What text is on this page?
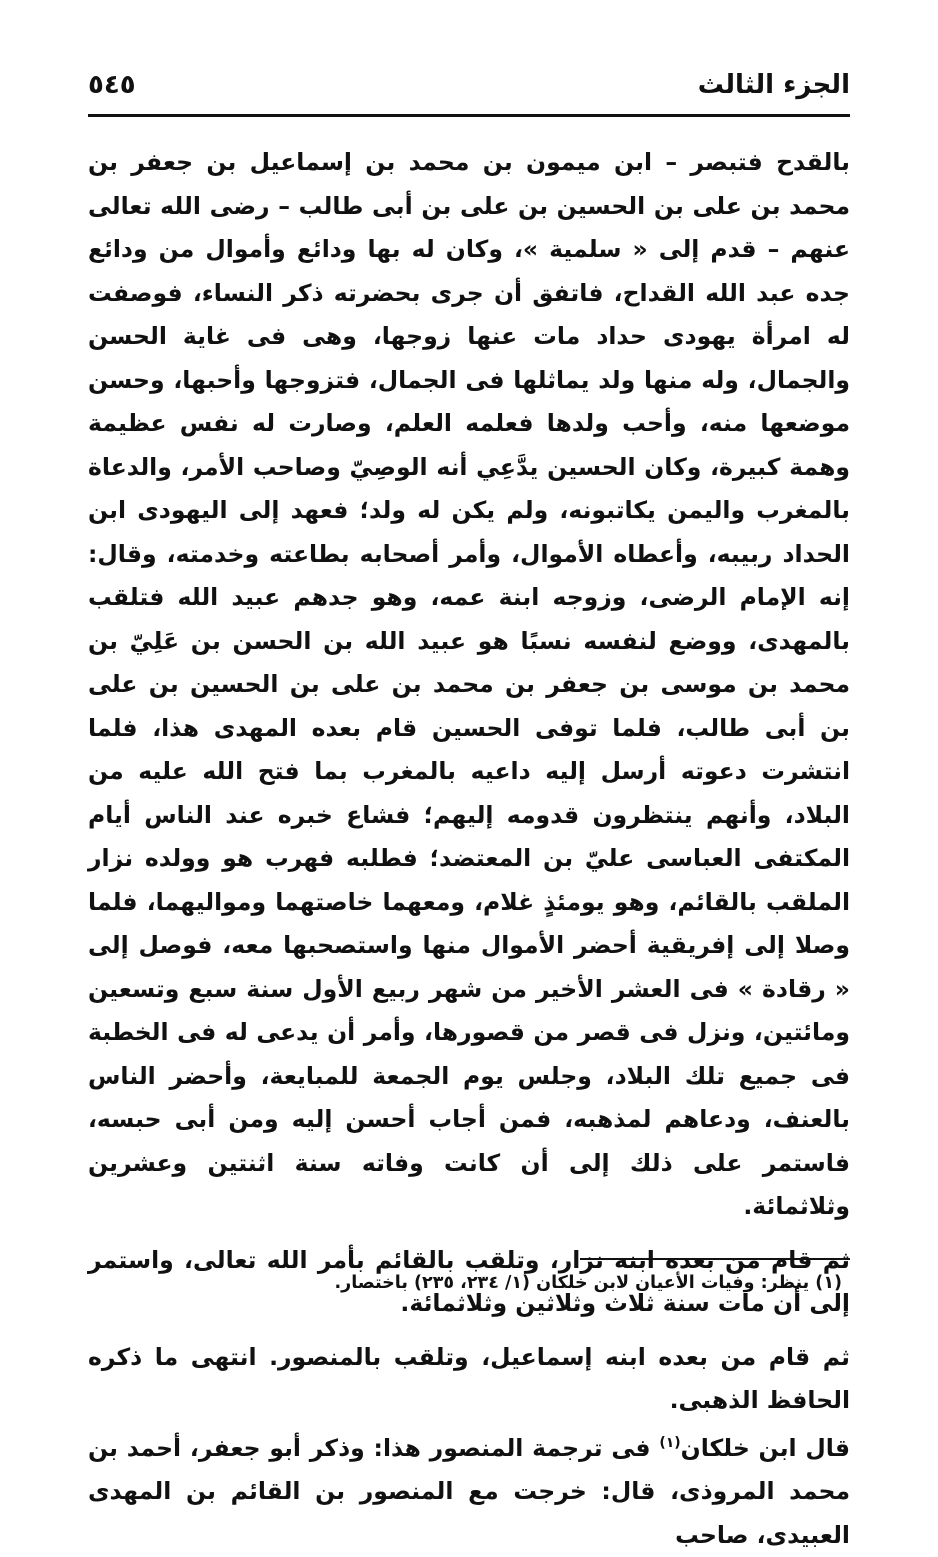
الجزء الثالث
٥٤٥

بالقدح فتبصر – ابن ميمون بن محمد بن إسماعيل بن جعفر بن محمد بن على بن الحسين بن على بن أبى طالب – رضى الله تعالى عنهم – قدم إلى « سلمية »، وكان له بها ودائع وأموال من ودائع جده عبد الله القداح، فاتفق أن جرى بحضرته ذكر النساء، فوصفت له امرأة يهودى حداد مات عنها زوجها، وهى فى غاية الحسن والجمال، وله منها ولد يماثلها فى الجمال، فتزوجها وأحبها، وحسن موضعها منه، وأحب ولدها فعلمه العلم، وصارت له نفس عظيمة وهمة كبيرة، وكان الحسين يدَّعِي أنه الوصِيّ وصاحب الأمر، والدعاة بالمغرب واليمن يكاتبونه، ولم يكن له ولد؛ فعهد إلى اليهودى ابن الحداد ربيبه، وأعطاه الأموال، وأمر أصحابه بطاعته وخدمته، وقال: إنه الإمام الرضى، وزوجه ابنة عمه، وهو جدهم عبيد الله فتلقب بالمهدى، ووضع لنفسه نسبًا هو عبيد الله بن الحسن بن عَلِيّ بن محمد بن موسى بن جعفر بن محمد بن على بن الحسين بن على بن أبى طالب، فلما توفى الحسين قام بعده المهدى هذا، فلما انتشرت دعوته أرسل إليه داعيه بالمغرب بما فتح الله عليه من البلاد، وأنهم ينتظرون قدومه إليهم؛ فشاع خبره عند الناس أيام المكتفى العباسى عليّ بن المعتضد؛ فطلبه فهرب هو وولده نزار الملقب بالقائم، وهو يومئذٍ غلام، ومعهما خاصتهما ومواليهما، فلما وصلا إلى إفريقية أحضر الأموال منها واستصحبها معه، فوصل إلى « رقادة » فى العشر الأخير من شهر ربيع الأول سنة سبع وتسعين ومائتين، ونزل فى قصر من قصورها، وأمر أن يدعى له فى الخطبة فى جميع تلك البلاد، وجلس يوم الجمعة للمبايعة، وأحضر الناس بالعنف، ودعاهم لمذهبه، فمن أجاب أحسن إليه ومن أبى حبسه، فاستمر على ذلك إلى أن كانت وفاته سنة اثنتين وعشرين وثلاثمائة.

ثم قام من بعده ابنه نزار، وتلقب بالقائم بأمر الله تعالى، واستمر إلى أن مات سنة ثلاث وثلاثين وثلاثمائة.

ثم قام من بعده ابنه إسماعيل، وتلقب بالمنصور. انتهى ما ذكره الحافظ الذهبى.

قال ابن خلكان$^{(١)}$ فى ترجمة المنصور هذا: وذكر أبو جعفر، أحمد بن محمد المروذى، قال: خرجت مع المنصور بن القائم بن المهدى العبيدى، صاحب

(١) ينظر: وفيات الأعيان لابن خلكان (١/ ٢٣٤، ٢٣٥) باختصار.
